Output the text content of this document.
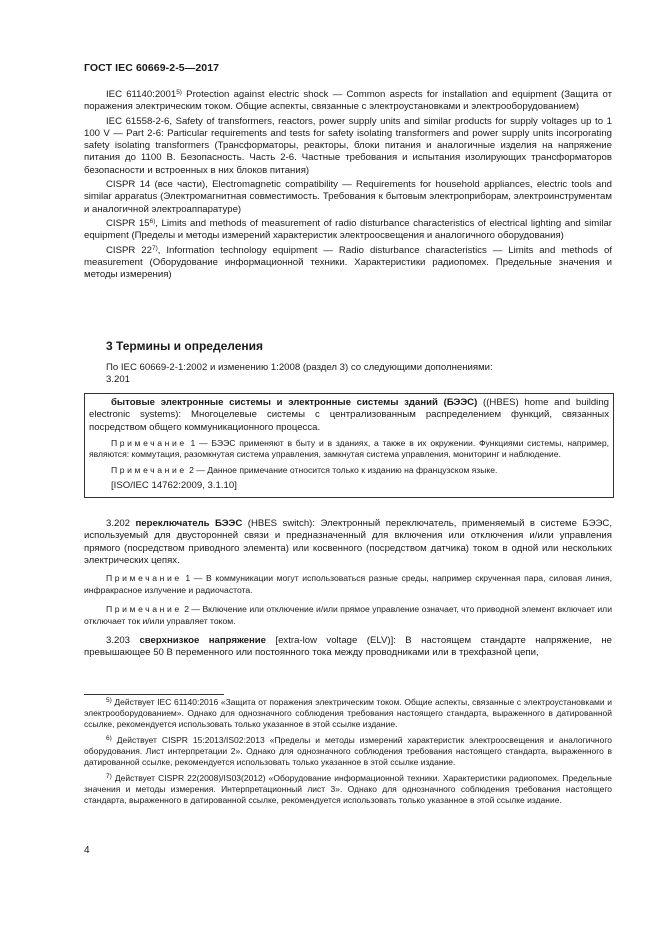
ГОСТ IEC 60669-2-5—2017

IEC 61140:2001$^{5)}$ Protection against electric shock — Common aspects for installation and equipment (Защита от поражения электрическим током. Общие аспекты, связанные с электроустановками и электрооборудованием)

IEC 61558-2-6, Safety of transformers, reactors, power supply units and similar products for supply voltages up to 1 100 V — Part 2-6: Particular requirements and tests for safety isolating transformers and power supply units incorporating safety isolating transformers (Трансформаторы, реакторы, блоки питания и аналогичные изделия на напряжение питания до 1100 В. Безопасность. Часть 2-6. Частные требования и испытания изолирующих трансформаторов безопасности и встроенных в них блоков питания)

CISPR 14 (все части), Electromagnetic compatibility — Requirements for household appliances, electric tools and similar apparatus (Электромагнитная совместимость. Требования к бытовым электроприборам, электроинструментам и аналогичной электроаппаратуре)

CISPR 15$^{6)}$, Limits and methods of measurement of radio disturbance characteristics of electrical lighting and similar equipment (Пределы и методы измерений характеристик электроосвещения и аналогичного оборудования)

CISPR 22$^{7)}$, Information technology equipment — Radio disturbance characteristics — Limits and methods of measurement (Оборудование информационной техники. Характеристики радиопомех. Предельные значения и методы измерения)

3 Термины и определения

По IEC 60669-2-1:2002 и изменению 1:2008 (раздел 3) со следующими дополнениями:

3.201

бытовые электронные системы и электронные системы зданий (БЭЭС) ((HBES) home and building electronic systems): Многоцелевые системы с централизованным распределением функций, связанных посредством общего коммуникационного процесса.

Примечание 1 — БЭЭС применяют в быту и в зданиях, а также в их окружении. Функциями системы, например, являются: коммутация, разомкнутая система управления, замкнутая система управления, мониторинг и наблюдение.

Примечание 2 — Данное примечание относится только к изданию на французском языке.

[ISO/IEC 14762:2009, 3.1.10]

3.202 переключатель БЭЭС (HBES switch): Электронный переключатель, применяемый в системе БЭЭС, используемый для двусторонней связи и предназначенный для включения или отключения и/или управления прямого (посредством приводного элемента) или косвенного (посредством датчика) током в одной или нескольких электрических цепях.

Примечание 1 — В коммуникации могут использоваться разные среды, например скрученная пара, силовая линия, инфракрасное излучение и радиочастота.

Примечание 2 — Включение или отключение и/или прямое управление означает, что приводной элемент включает или отключает ток и/или управляет током.

3.203 сверхнизкое напряжение [extra-low voltage (ELV)]: В настоящем стандарте напряжение, не превышающее 50 В переменного или постоянного тока между проводниками или в трехфазной цепи,

$^{5)}$ Действует IEC 61140:2016 «Защита от поражения электрическим током. Общие аспекты, связанные с электроустановками и электрооборудованием». Однако для однозначного соблюдения требования настоящего стандарта, выраженного в датированной ссылке, рекомендуется использовать только указанное в этой ссылке издание.

$^{6)}$ Действует CISPR 15:2013/IS02:2013 «Пределы и методы измерений характеристик электроосвещения и аналогичного оборудования. Лист интерпретации 2». Однако для однозначного соблюдения требования настоящего стандарта, выраженного в датированной ссылке, рекомендуется использовать только указанное в этой ссылке издание.

$^{7)}$ Действует CISPR 22(2008)/IS03(2012) «Оборудование информационной техники. Характеристики радиопомех. Предельные значения и методы измерения. Интерпретационный лист 3». Однако для однозначного соблюдения требования настоящего стандарта, выраженного в датированной ссылке, рекомендуется использовать только указанное в этой ссылке издание.

4
